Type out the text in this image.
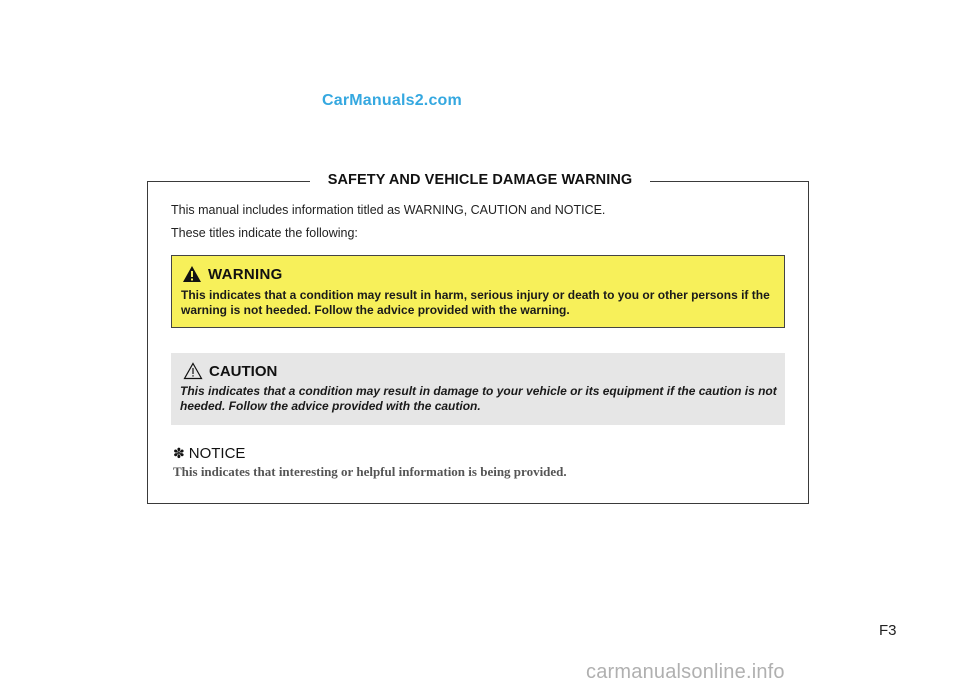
CarManuals2.com
SAFETY AND VEHICLE DAMAGE WARNING

This manual includes information titled as WARNING, CAUTION and NOTICE.

These titles indicate the following:

WARNING
This indicates that a condition may result in harm, serious injury or death to you or other persons if the warning is not heeded. Follow the advice provided with the warning.
CAUTION
This indicates that a condition may result in damage to your vehicle or its equipment if the caution is not heeded. Follow the advice provided with the caution.
✽ NOTICE
This indicates that interesting or helpful information is being provided.
F3
carmanualsonline.info
